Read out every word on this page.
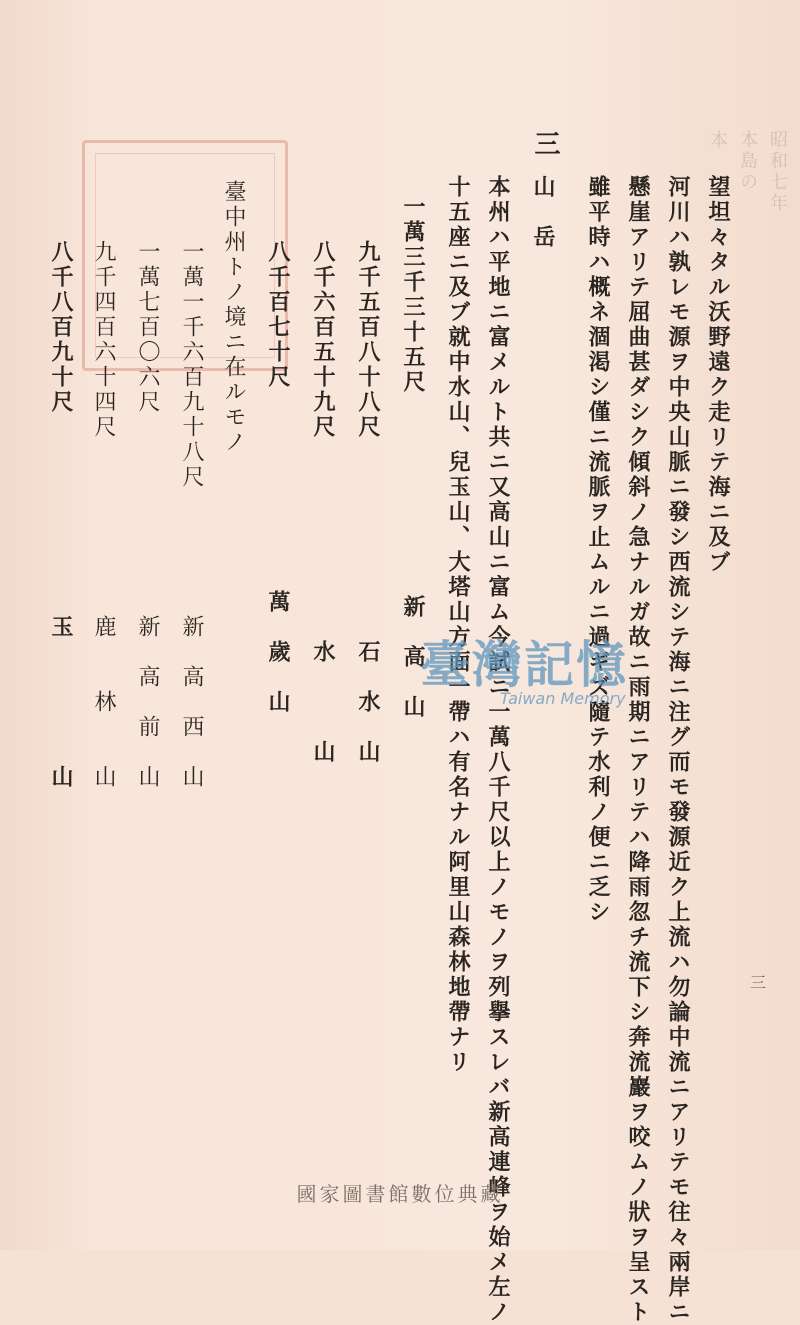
昭和七年
本島の
本
望坦々タル沃野遠ク走リテ海ニ及ブ
河川ハ孰レモ源ヲ中央山脈ニ發シ西流シテ海ニ注グ而モ發源近ク上流ハ勿論中流ニアリテモ往々兩岸ニ
懸崖アリテ屈曲甚ダシク傾斜ノ急ナルガ故ニ雨期ニアリテハ降雨忽チ流下シ奔流巖ヲ咬ムノ狀ヲ呈スト
雖平時ハ概ネ涸渇シ僅ニ流脈ヲ止ムルニ過ギズ隨テ水利ノ便ニ乏シ
三
山　岳
本州ハ平地ニ富メルト共ニ又高山ニ富ム今試ニ一萬八千尺以上ノモノヲ列擧スレバ新高連峰ヲ始メ左ノ
十五座ニ及ブ就中水山、兒玉山、大塔山方面一帶ハ有名ナル阿里山森林地帶ナリ
一萬三千三十五尺　　　　　　　　新　高　山
九千五百八十八尺　　　　　　　　石　水　山
八千六百五十九尺　　　　　　　　水　　　山
八千百七十尺　　　　　　　　萬　歲　山
臺中州トノ境ニ在ルモノ
一萬一千六百九十八尺　　　　　新　高　西　山
一萬七百〇六尺　　　　　　　　新　高　前　山
九千四百六十四尺　　　　　　　鹿　　林　　山
八千八百九十尺　　　　　　　　玉　　　　　山	臺灣記憶
Taiwan Memory
三
國家圖書館數位典藏
